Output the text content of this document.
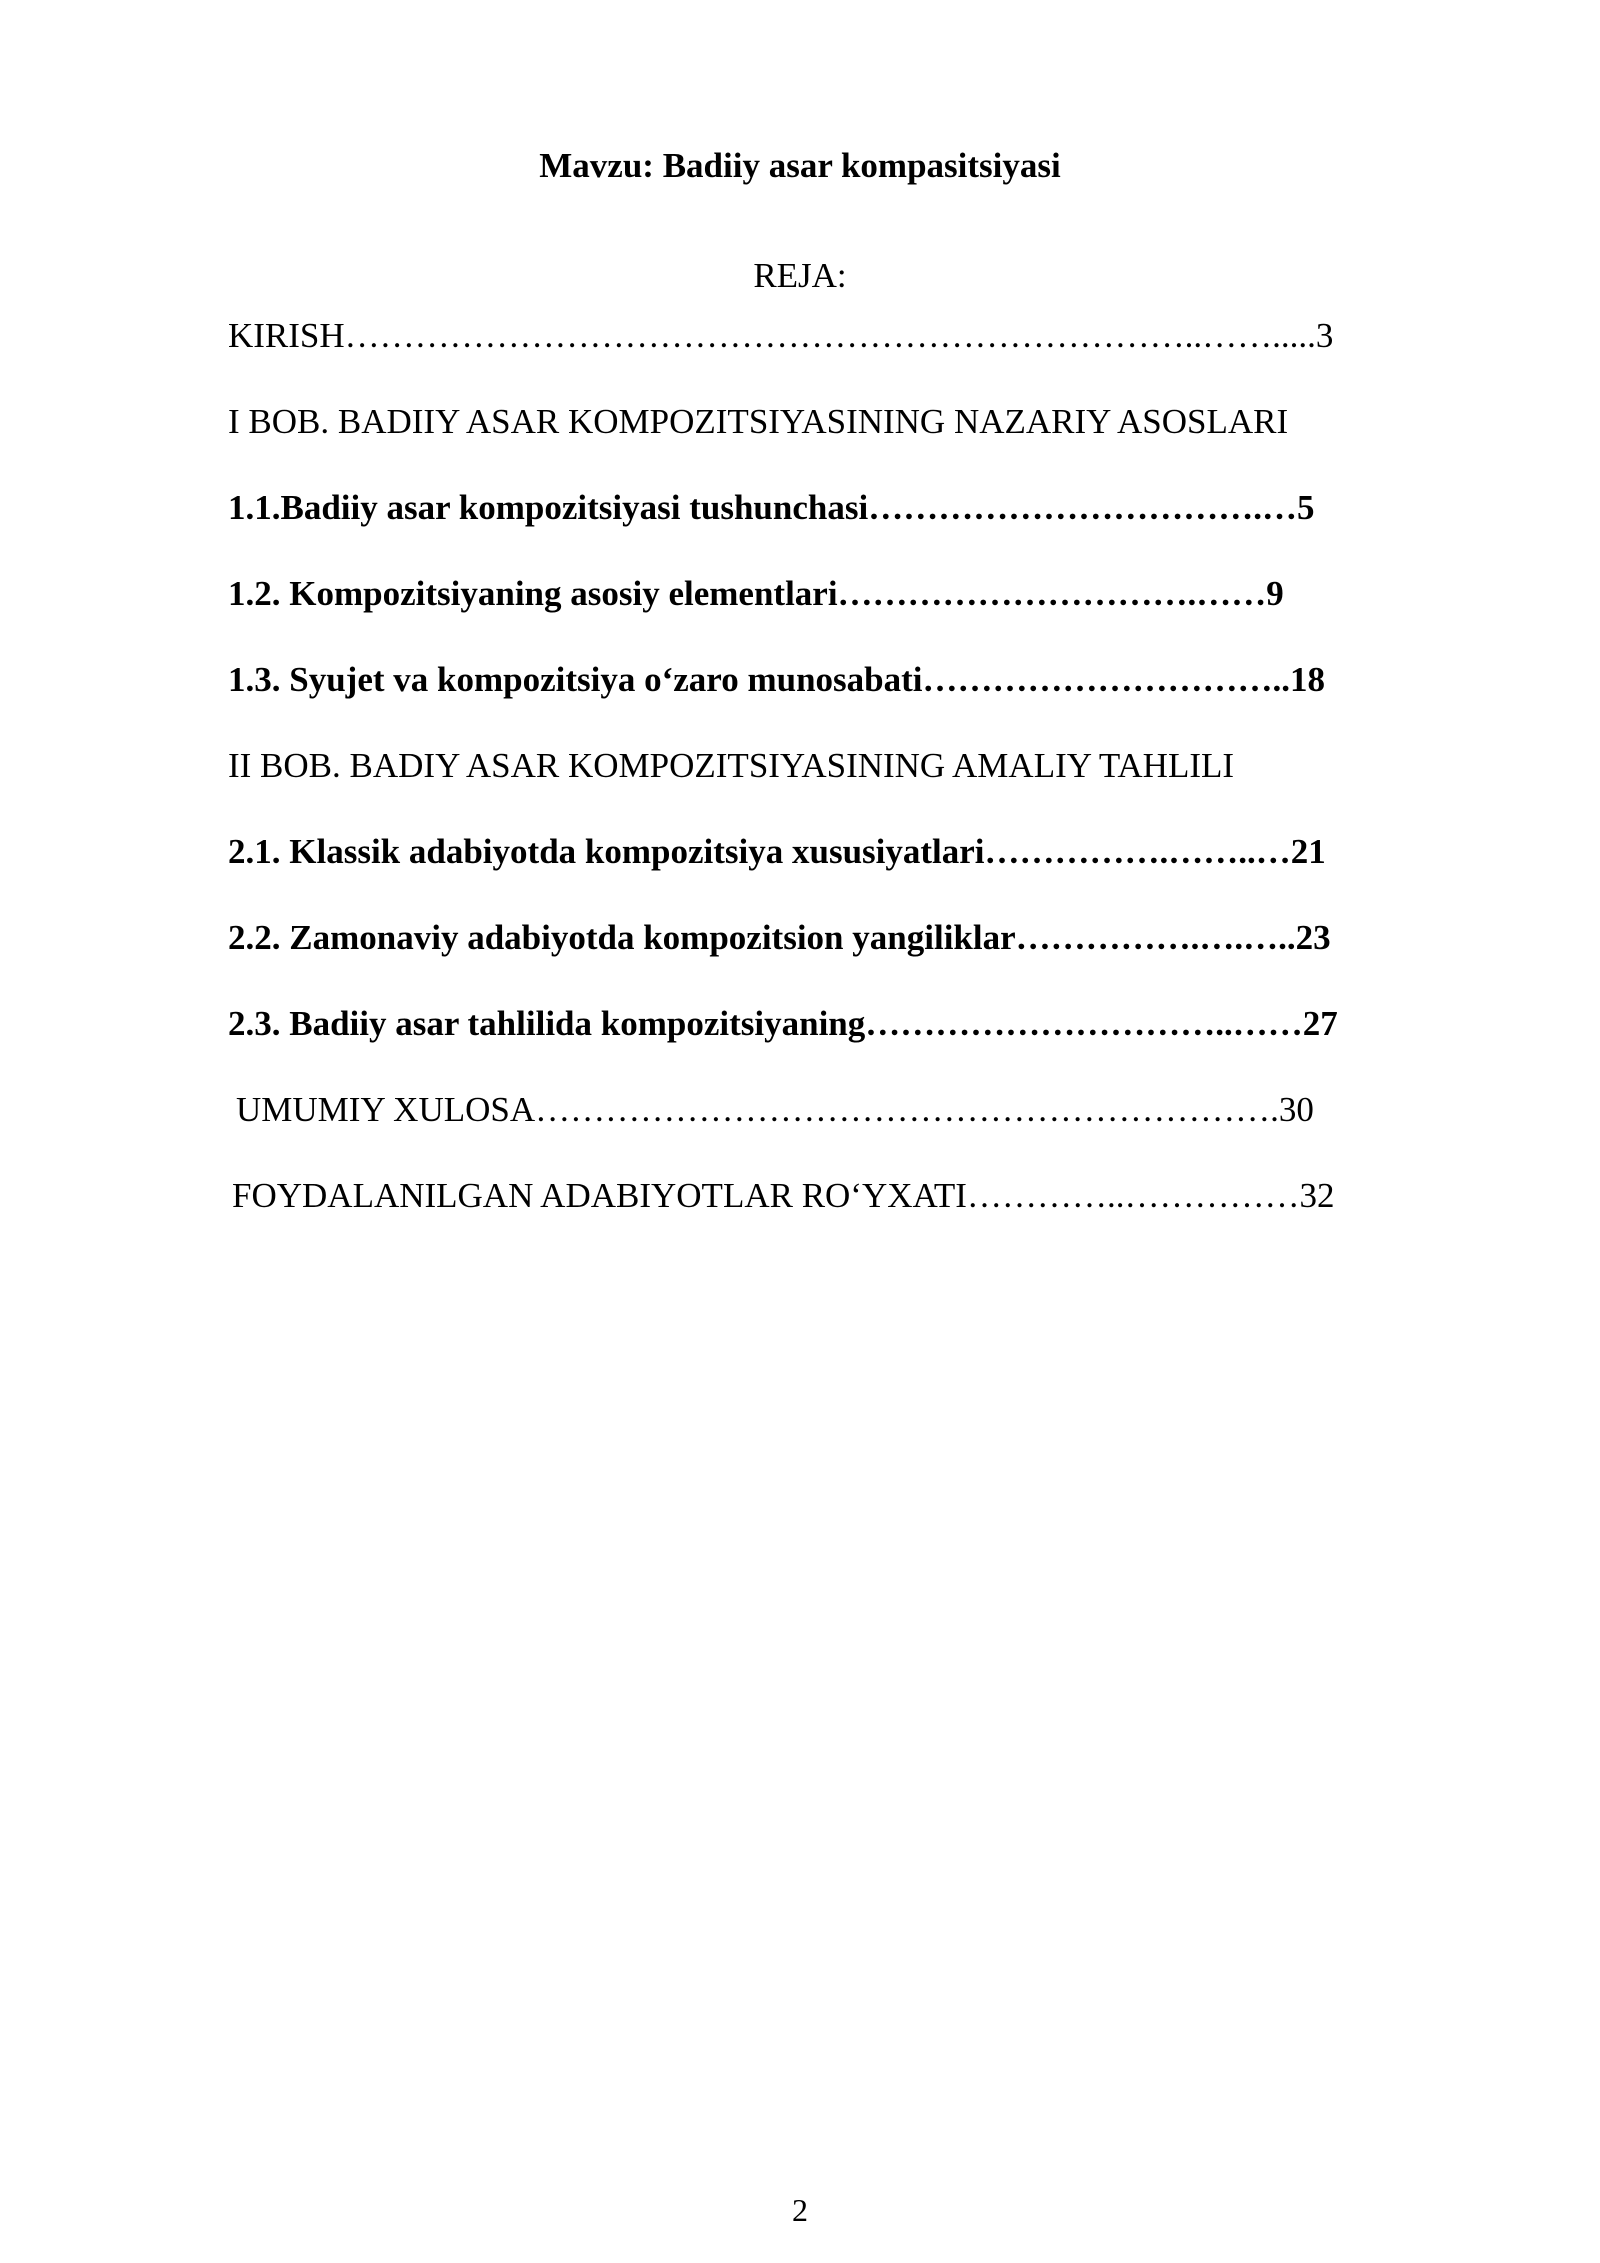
Mavzu: Badiiy asar kompasitsiyasi
REJA:
KIRISH………………………………………………………………..…….....3
I BOB. BADIIY ASAR KOMPOZITSIYASINING NAZARIY ASOSLARI
1.1.Badiiy asar kompozitsiyasi tushunchasi…………………………….…5
1.2. Kompozitsiyaning asosiy elementlari………………………….……9
1.3. Syujet va kompozitsiya o‘zaro munosabati…………………………..18
II BOB. BADIY ASAR KOMPOZITSIYASINING AMALIY TAHLILI
2.1. Klassik adabiyotda kompozitsiya xususiyatlari…………….……..…21
2.2. Zamonaviy adabiyotda kompozitsion yangiliklar…………….….…..23
2.3. Badiiy asar tahlilida kompozitsiyaning…………………………..……27
UMUMIY XULOSA……………………………………………………….30
FOYDALANILGAN ADABIYOTLAR RO‘YXATI…………..……………32
2
